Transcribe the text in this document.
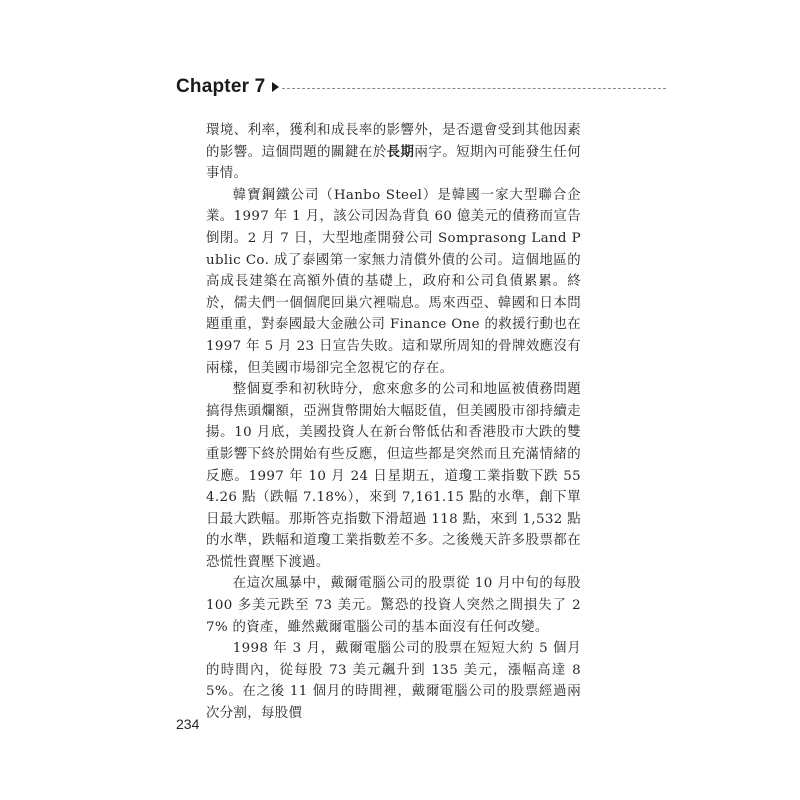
Chapter 7

環境、利率，獲利和成長率的影響外，是否還會受到其他因素的影響。這個問題的關鍵在於長期兩字。短期內可能發生任何事情。

韓寶鋼鐵公司（Hanbo Steel）是韓國一家大型聯合企業。1997 年 1 月，該公司因為背負 60 億美元的債務而宣告倒閉。2 月 7 日，大型地產開發公司 Somprasong Land Public Co. 成了泰國第一家無力清償外債的公司。這個地區的高成長建築在高額外債的基礎上，政府和公司負債累累。終於，儒夫們一個個爬回巢穴裡喘息。馬來西亞、韓國和日本問題重重，對泰國最大金融公司 Finance One 的救援行動也在 1997 年 5 月 23 日宣告失敗。這和眾所周知的骨牌效應沒有兩樣，但美國市場卻完全忽視它的存在。

整個夏季和初秋時分，愈來愈多的公司和地區被債務問題搞得焦頭爛額，亞洲貨幣開始大幅貶值，但美國股市卻持續走揚。10 月底，美國投資人在新台幣低估和香港股市大跌的雙重影響下終於開始有些反應，但這些都是突然而且充滿情緒的反應。1997 年 10 月 24 日星期五，道瓊工業指數下跌 554.26 點（跌幅 7.18%），來到 7,161.15 點的水準，創下單日最大跌幅。那斯答克指數下滑超過 118 點，來到 1,532 點的水準，跌幅和道瓊工業指數差不多。之後幾天許多股票都在恐慌性賣壓下渡過。

在這次風暴中，戴爾電腦公司的股票從 10 月中旬的每股 100 多美元跌至 73 美元。驚恐的投資人突然之間損失了 27% 的資產，雖然戴爾電腦公司的基本面沒有任何改變。

1998 年 3 月，戴爾電腦公司的股票在短短大約 5 個月的時間內，從每股 73 美元飆升到 135 美元，漲幅高達 85%。在之後 11 個月的時間裡，戴爾電腦公司的股票經過兩次分割，每股價

234
